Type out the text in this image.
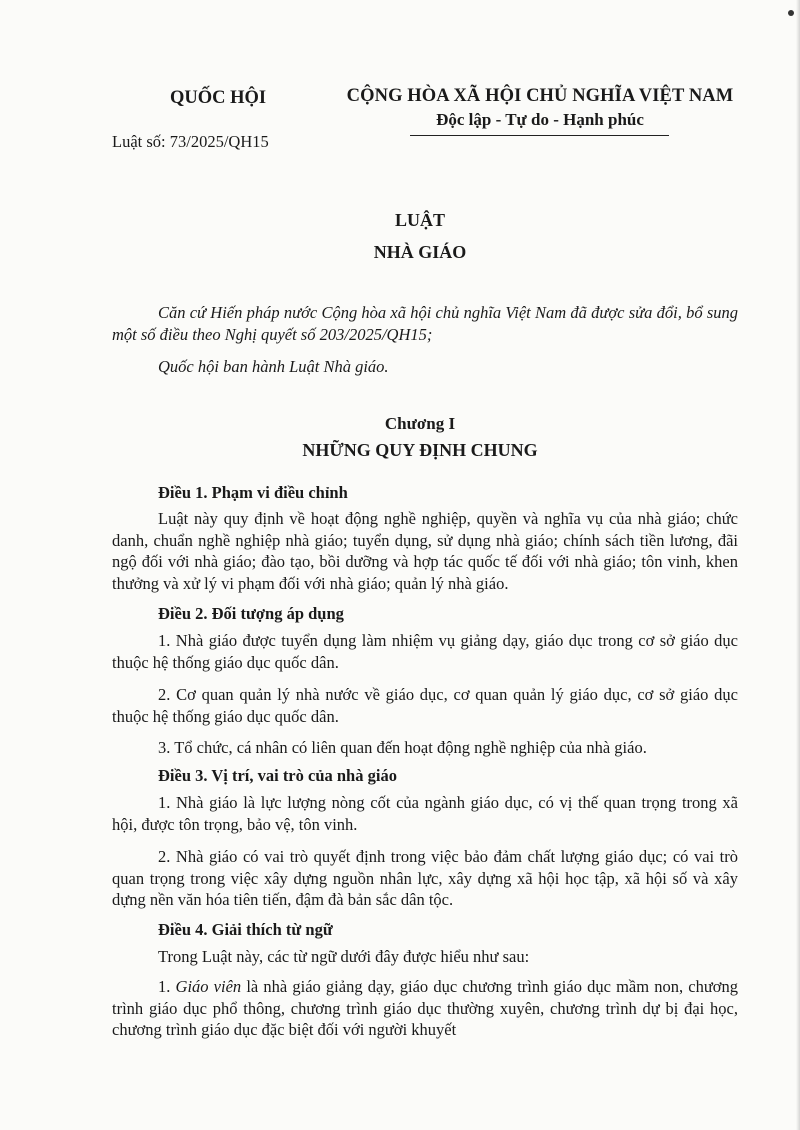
QUỐC HỘI
Luật số: 73/2025/QH15
CỘNG HÒA XÃ HỘI CHỦ NGHĨA VIỆT NAM
Độc lập - Tự do - Hạnh phúc
LUẬT
NHÀ GIÁO
Căn cứ Hiến pháp nước Cộng hòa xã hội chủ nghĩa Việt Nam đã được sửa đổi, bổ sung một số điều theo Nghị quyết số 203/2025/QH15;
Quốc hội ban hành Luật Nhà giáo.
Chương I
NHỮNG QUY ĐỊNH CHUNG
Điều 1. Phạm vi điều chỉnh
Luật này quy định về hoạt động nghề nghiệp, quyền và nghĩa vụ của nhà giáo; chức danh, chuẩn nghề nghiệp nhà giáo; tuyển dụng, sử dụng nhà giáo; chính sách tiền lương, đãi ngộ đối với nhà giáo; đào tạo, bồi dưỡng và hợp tác quốc tế đối với nhà giáo; tôn vinh, khen thưởng và xử lý vi phạm đối với nhà giáo; quản lý nhà giáo.
Điều 2. Đối tượng áp dụng
1. Nhà giáo được tuyển dụng làm nhiệm vụ giảng dạy, giáo dục trong cơ sở giáo dục thuộc hệ thống giáo dục quốc dân.
2. Cơ quan quản lý nhà nước về giáo dục, cơ quan quản lý giáo dục, cơ sở giáo dục thuộc hệ thống giáo dục quốc dân.
3. Tổ chức, cá nhân có liên quan đến hoạt động nghề nghiệp của nhà giáo.
Điều 3. Vị trí, vai trò của nhà giáo
1. Nhà giáo là lực lượng nòng cốt của ngành giáo dục, có vị thế quan trọng trong xã hội, được tôn trọng, bảo vệ, tôn vinh.
2. Nhà giáo có vai trò quyết định trong việc bảo đảm chất lượng giáo dục; có vai trò quan trọng trong việc xây dựng nguồn nhân lực, xây dựng xã hội học tập, xã hội số và xây dựng nền văn hóa tiên tiến, đậm đà bản sắc dân tộc.
Điều 4. Giải thích từ ngữ
Trong Luật này, các từ ngữ dưới đây được hiểu như sau:
1. Giáo viên là nhà giáo giảng dạy, giáo dục chương trình giáo dục mầm non, chương trình giáo dục phổ thông, chương trình giáo dục thường xuyên, chương trình dự bị đại học, chương trình giáo dục đặc biệt đối với người khuyết
